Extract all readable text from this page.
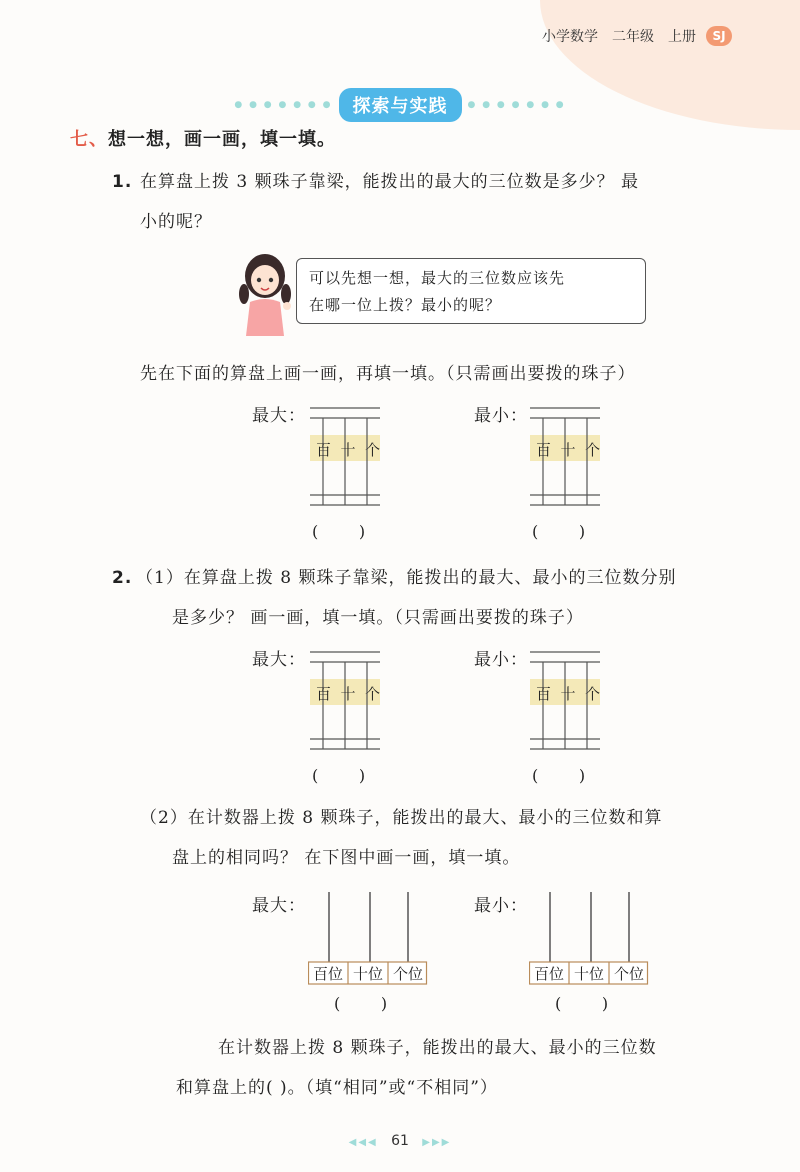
小学数学 二年级 上册	SJ
● ● ● ● ● ● ●	探索与实践	● ● ● ● ● ● ●
七、想一想，画一画，填一填。
1. 在算盘上拨 3 颗珠子靠梁，能拨出的最大的三位数是多少？ 最
小的呢？
可以先想一想，最大的三位数应该先
在哪一位上拨？最小的呢？
先在下面的算盘上画一画，再填一填。（只需画出要拨的珠子）
最大：	最小：
百 十 个
(        )
百 十 个
(        )
2. （1）在算盘上拨 8 颗珠子靠梁，能拨出的最大、最小的三位数分别
是多少？ 画一画，填一填。（只需画出要拨的珠子）
最大：	最小：
百 十 个
(        )
百 十 个
(        )
（2）在计数器上拨 8 颗珠子，能拨出的最大、最小的三位数和算
盘上的相同吗？ 在下图中画一画，填一填。
最大：	最小：
百位 十位 个位
(        )
百位 十位 个位
(        )
在计数器上拨 8 颗珠子，能拨出的最大、最小的三位数
和算盘上的( )。（填“相同”或“不相同”）
◀◀◀ 61 ▶▶▶
